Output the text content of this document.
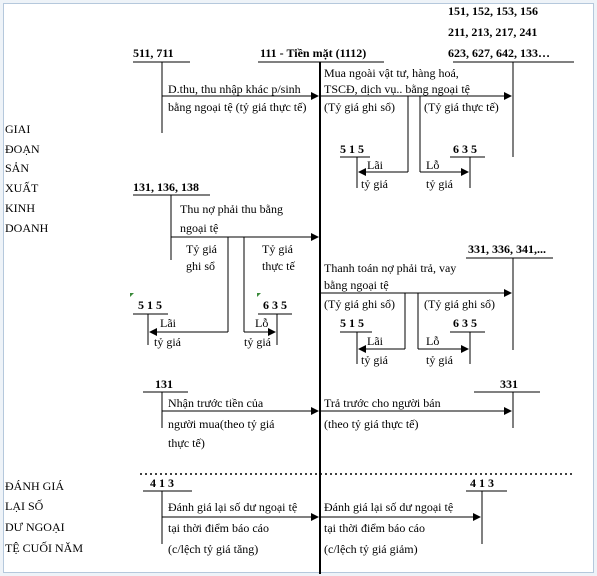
151, 152, 153, 156
211, 213, 217, 241
623, 627, 642, 133…
511, 711	111 - Tiền mặt (1112)
D.thu, thu nhập khác p/sinh
bằng ngoại tệ (tỷ giá thực tế)
Mua ngoài vật tư, hàng hoá,
TSCĐ, dịch vụ.. bằng ngoại tệ
(Tỷ giá ghi sổ) (Tỷ giá thực tế)
GIAI
ĐOẠN
SẢN
XUẤT
KINH
DOANH
5 1 5	6 3 5
Lãi
tỷ giá
Lỗ
tỷ giá
131, 136, 138
Thu nợ phải thu bằng
ngoại tệ
Tỷ giá
ghi sổ
Tỷ giá
thực tế
5 1 5	6 3 5
Lãi
tỷ giá
Lỗ
tỷ giá
331, 336, 341,...
Thanh toán nợ phải trả, vay
bằng ngoại tệ
(Tỷ giá ghi sổ) (Tỷ giá ghi sổ)
5 1 5	6 3 5
Lãi
tỷ giá
Lỗ
tỷ giá
131
Nhận trước tiền của
người mua(theo tỷ giá
thực tế)
331
Trả trước cho người bán
(theo tỷ giá thực tế)
ĐÁNH GIÁ
LẠI SỐ
DƯ NGOẠI
TỆ CUỐI NĂM
4 1 3	4 1 3
Đánh giá lại số dư ngoại tệ
tại thời điểm báo cáo
(c/lệch tỷ giá tăng)
Đánh giá lại số dư ngoại tệ
tại thời điểm báo cáo
(c/lệch tỷ giá giảm)
